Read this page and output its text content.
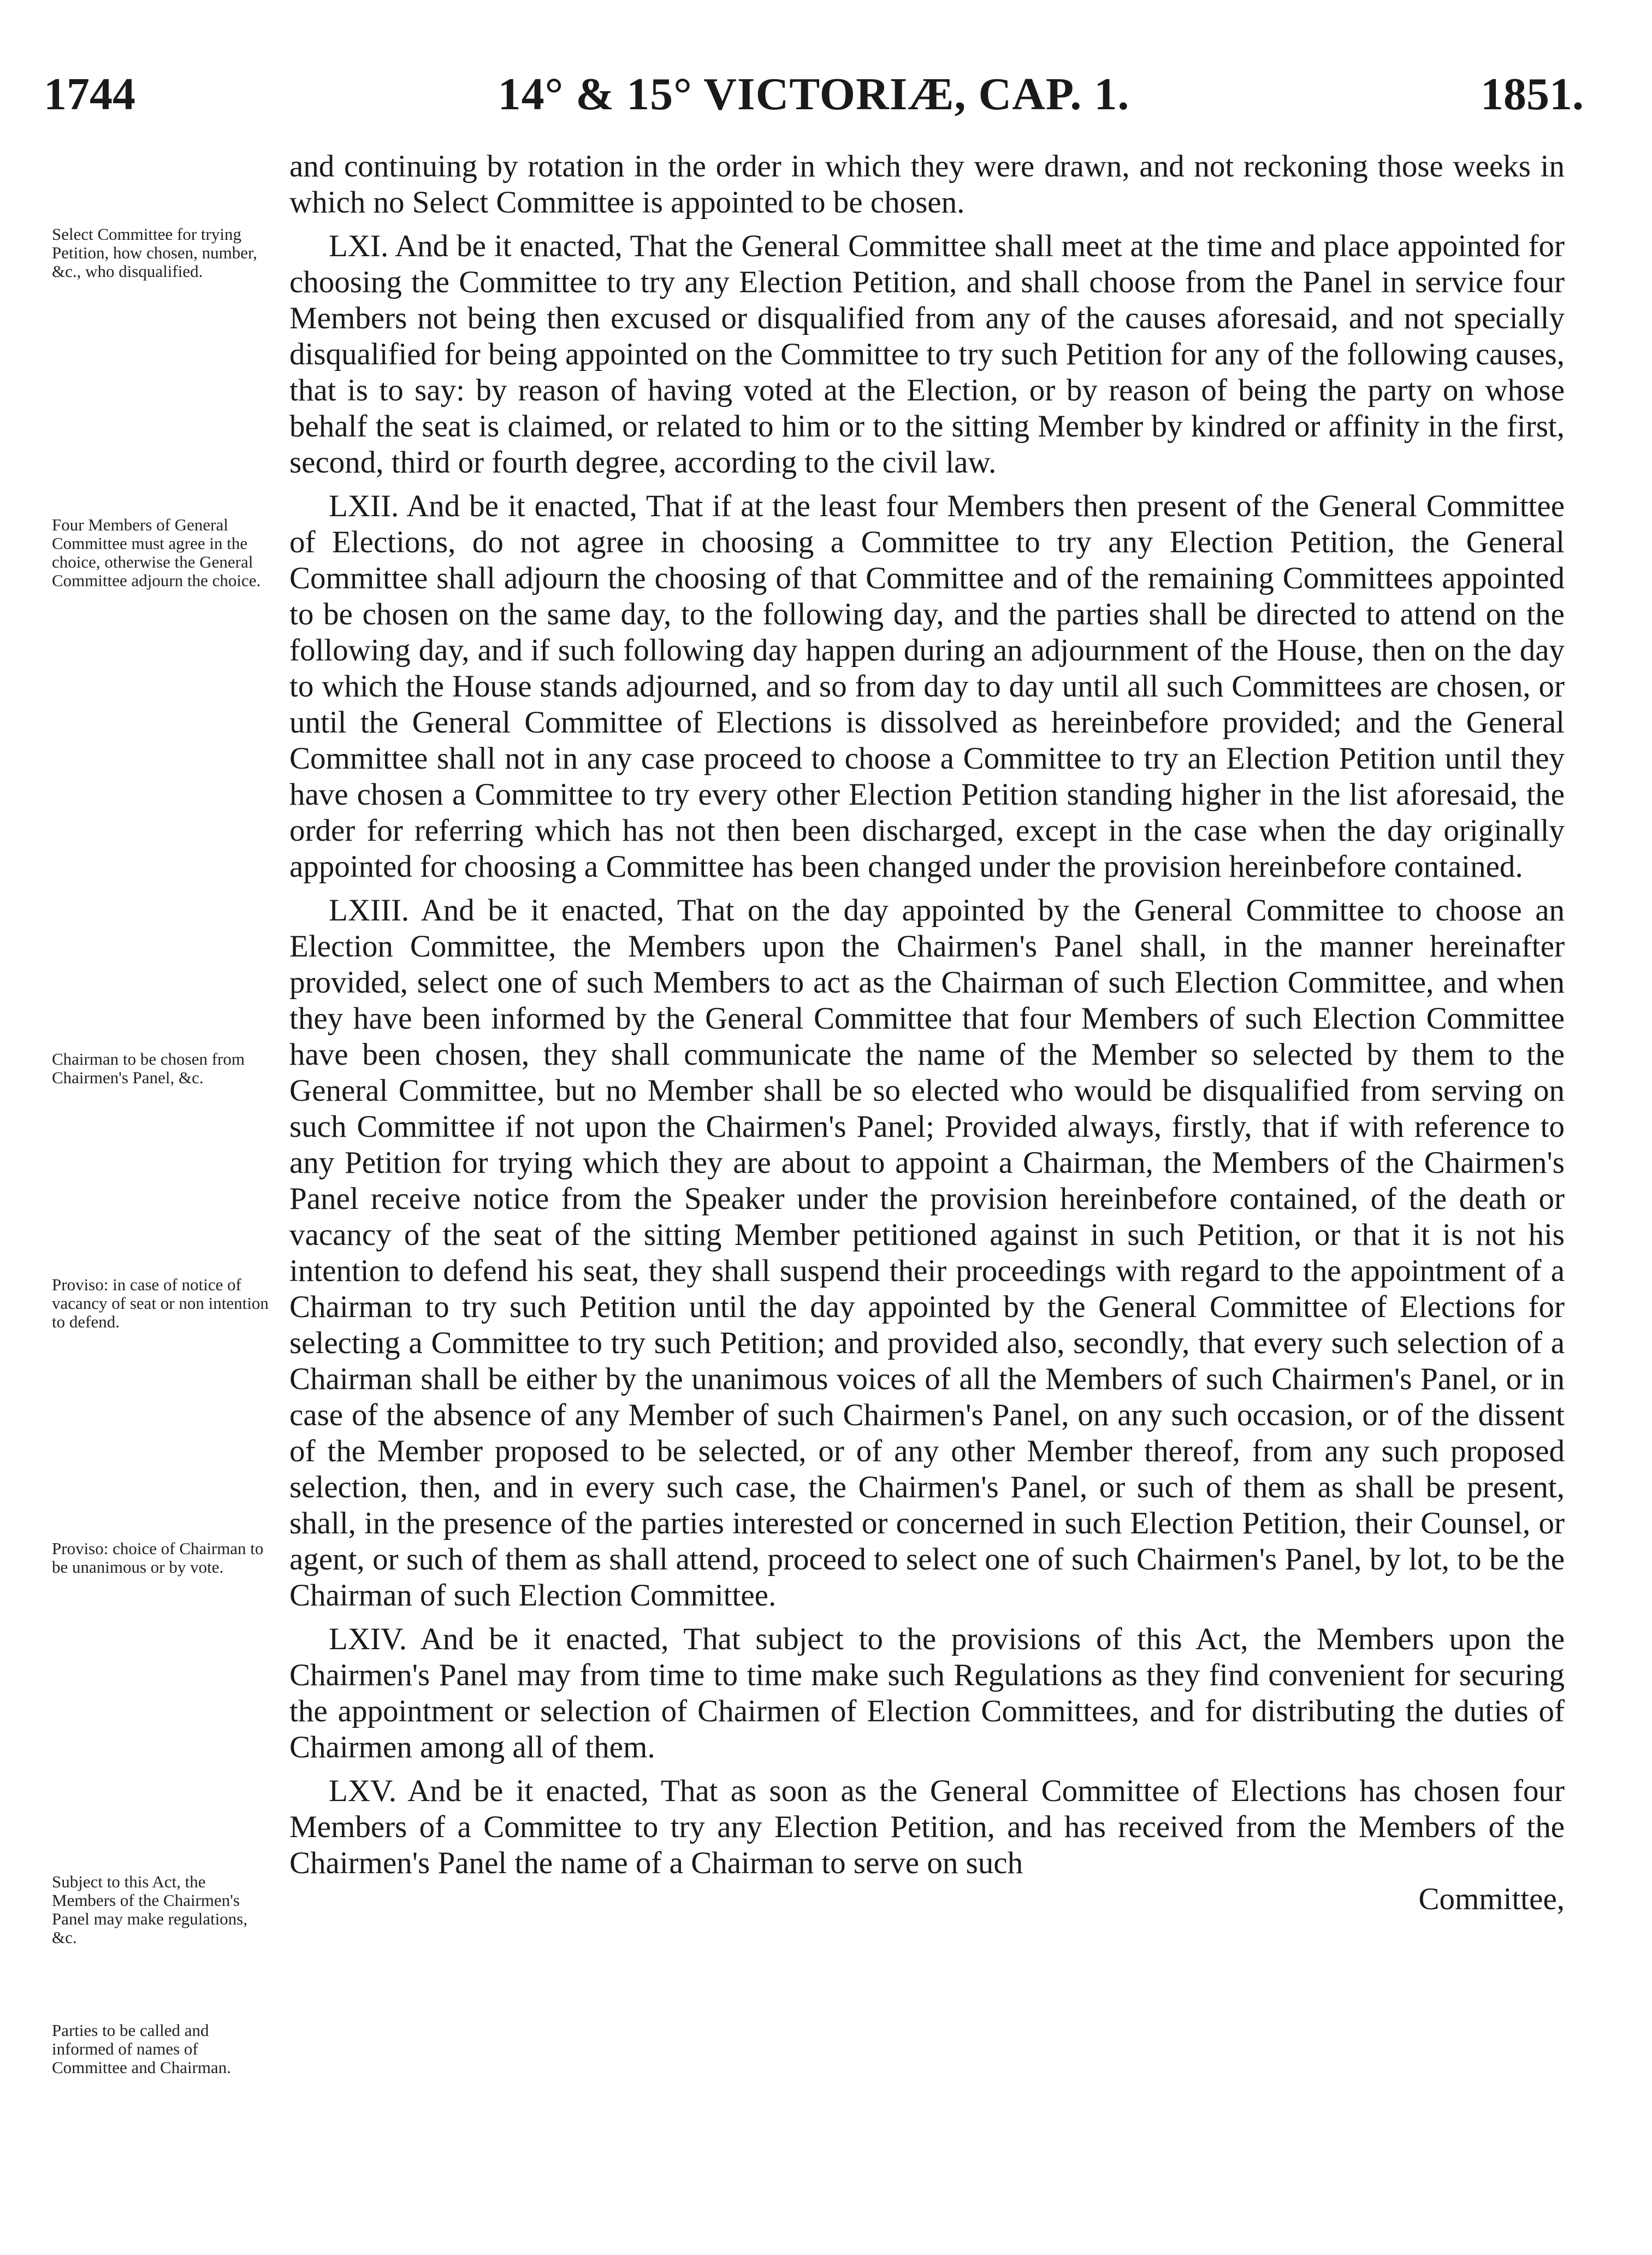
1744	14° & 15° VICTORIÆ, CAP. 1.	1851.
Select Committee for trying Petition, how chosen, number, &c., who disqualified.
Four Members of General Committee must agree in the choice, otherwise the General Committee adjourn the choice.
Chairman to be chosen from Chairmen's Panel, &c.
Proviso: in case of notice of vacancy of seat or non intention to defend.
Proviso: choice of Chairman to be unanimous or by vote.
Subject to this Act, the Members of the Chairmen's Panel may make regulations, &c.
Parties to be called and informed of names of Committee and Chairman.

and continuing by rotation in the order in which they were drawn, and not reckoning those weeks in which no Select Committee is appointed to be chosen.

LXI. And be it enacted, That the General Committee shall meet at the time and place appointed for choosing the Committee to try any Election Petition, and shall choose from the Panel in service four Members not being then excused or disqualified from any of the causes aforesaid, and not specially disqualified for being appointed on the Committee to try such Petition for any of the following causes, that is to say: by reason of having voted at the Election, or by reason of being the party on whose behalf the seat is claimed, or related to him or to the sitting Member by kindred or affinity in the first, second, third or fourth degree, according to the civil law.

LXII. And be it enacted, That if at the least four Members then present of the General Committee of Elections, do not agree in choosing a Committee to try any Election Petition, the General Committee shall adjourn the choosing of that Committee and of the remaining Committees appointed to be chosen on the same day, to the following day, and the parties shall be directed to attend on the following day, and if such following day happen during an adjournment of the House, then on the day to which the House stands adjourned, and so from day to day until all such Committees are chosen, or until the General Committee of Elections is dissolved as hereinbefore provided; and the General Committee shall not in any case proceed to choose a Committee to try an Election Petition until they have chosen a Committee to try every other Election Petition standing higher in the list aforesaid, the order for referring which has not then been discharged, except in the case when the day originally appointed for choosing a Committee has been changed under the provision hereinbefore contained.

LXIII. And be it enacted, That on the day appointed by the General Committee to choose an Election Committee, the Members upon the Chairmen's Panel shall, in the manner hereinafter provided, select one of such Members to act as the Chairman of such Election Committee, and when they have been informed by the General Committee that four Members of such Election Committee have been chosen, they shall communicate the name of the Member so selected by them to the General Committee, but no Member shall be so elected who would be disqualified from serving on such Committee if not upon the Chairmen's Panel; Provided always, firstly, that if with reference to any Petition for trying which they are about to appoint a Chairman, the Members of the Chairmen's Panel receive notice from the Speaker under the provision hereinbefore contained, of the death or vacancy of the seat of the sitting Member petitioned against in such Petition, or that it is not his intention to defend his seat, they shall suspend their proceedings with regard to the appointment of a Chairman to try such Petition until the day appointed by the General Committee of Elections for selecting a Committee to try such Petition; and provided also, secondly, that every such selection of a Chairman shall be either by the unanimous voices of all the Members of such Chairmen's Panel, or in case of the absence of any Member of such Chairmen's Panel, on any such occasion, or of the dissent of the Member proposed to be selected, or of any other Member thereof, from any such proposed selection, then, and in every such case, the Chairmen's Panel, or such of them as shall be present, shall, in the presence of the parties interested or concerned in such Election Petition, their Counsel, or agent, or such of them as shall attend, proceed to select one of such Chairmen's Panel, by lot, to be the Chairman of such Election Committee.

LXIV. And be it enacted, That subject to the provisions of this Act, the Members upon the Chairmen's Panel may from time to time make such Regulations as they find convenient for securing the appointment or selection of Chairmen of Election Committees, and for distributing the duties of Chairmen among all of them.

LXV. And be it enacted, That as soon as the General Committee of Elections has chosen four Members of a Committee to try any Election Petition, and has received from the Members of the Chairmen's Panel the name of a Chairman to serve on such

Committee,
